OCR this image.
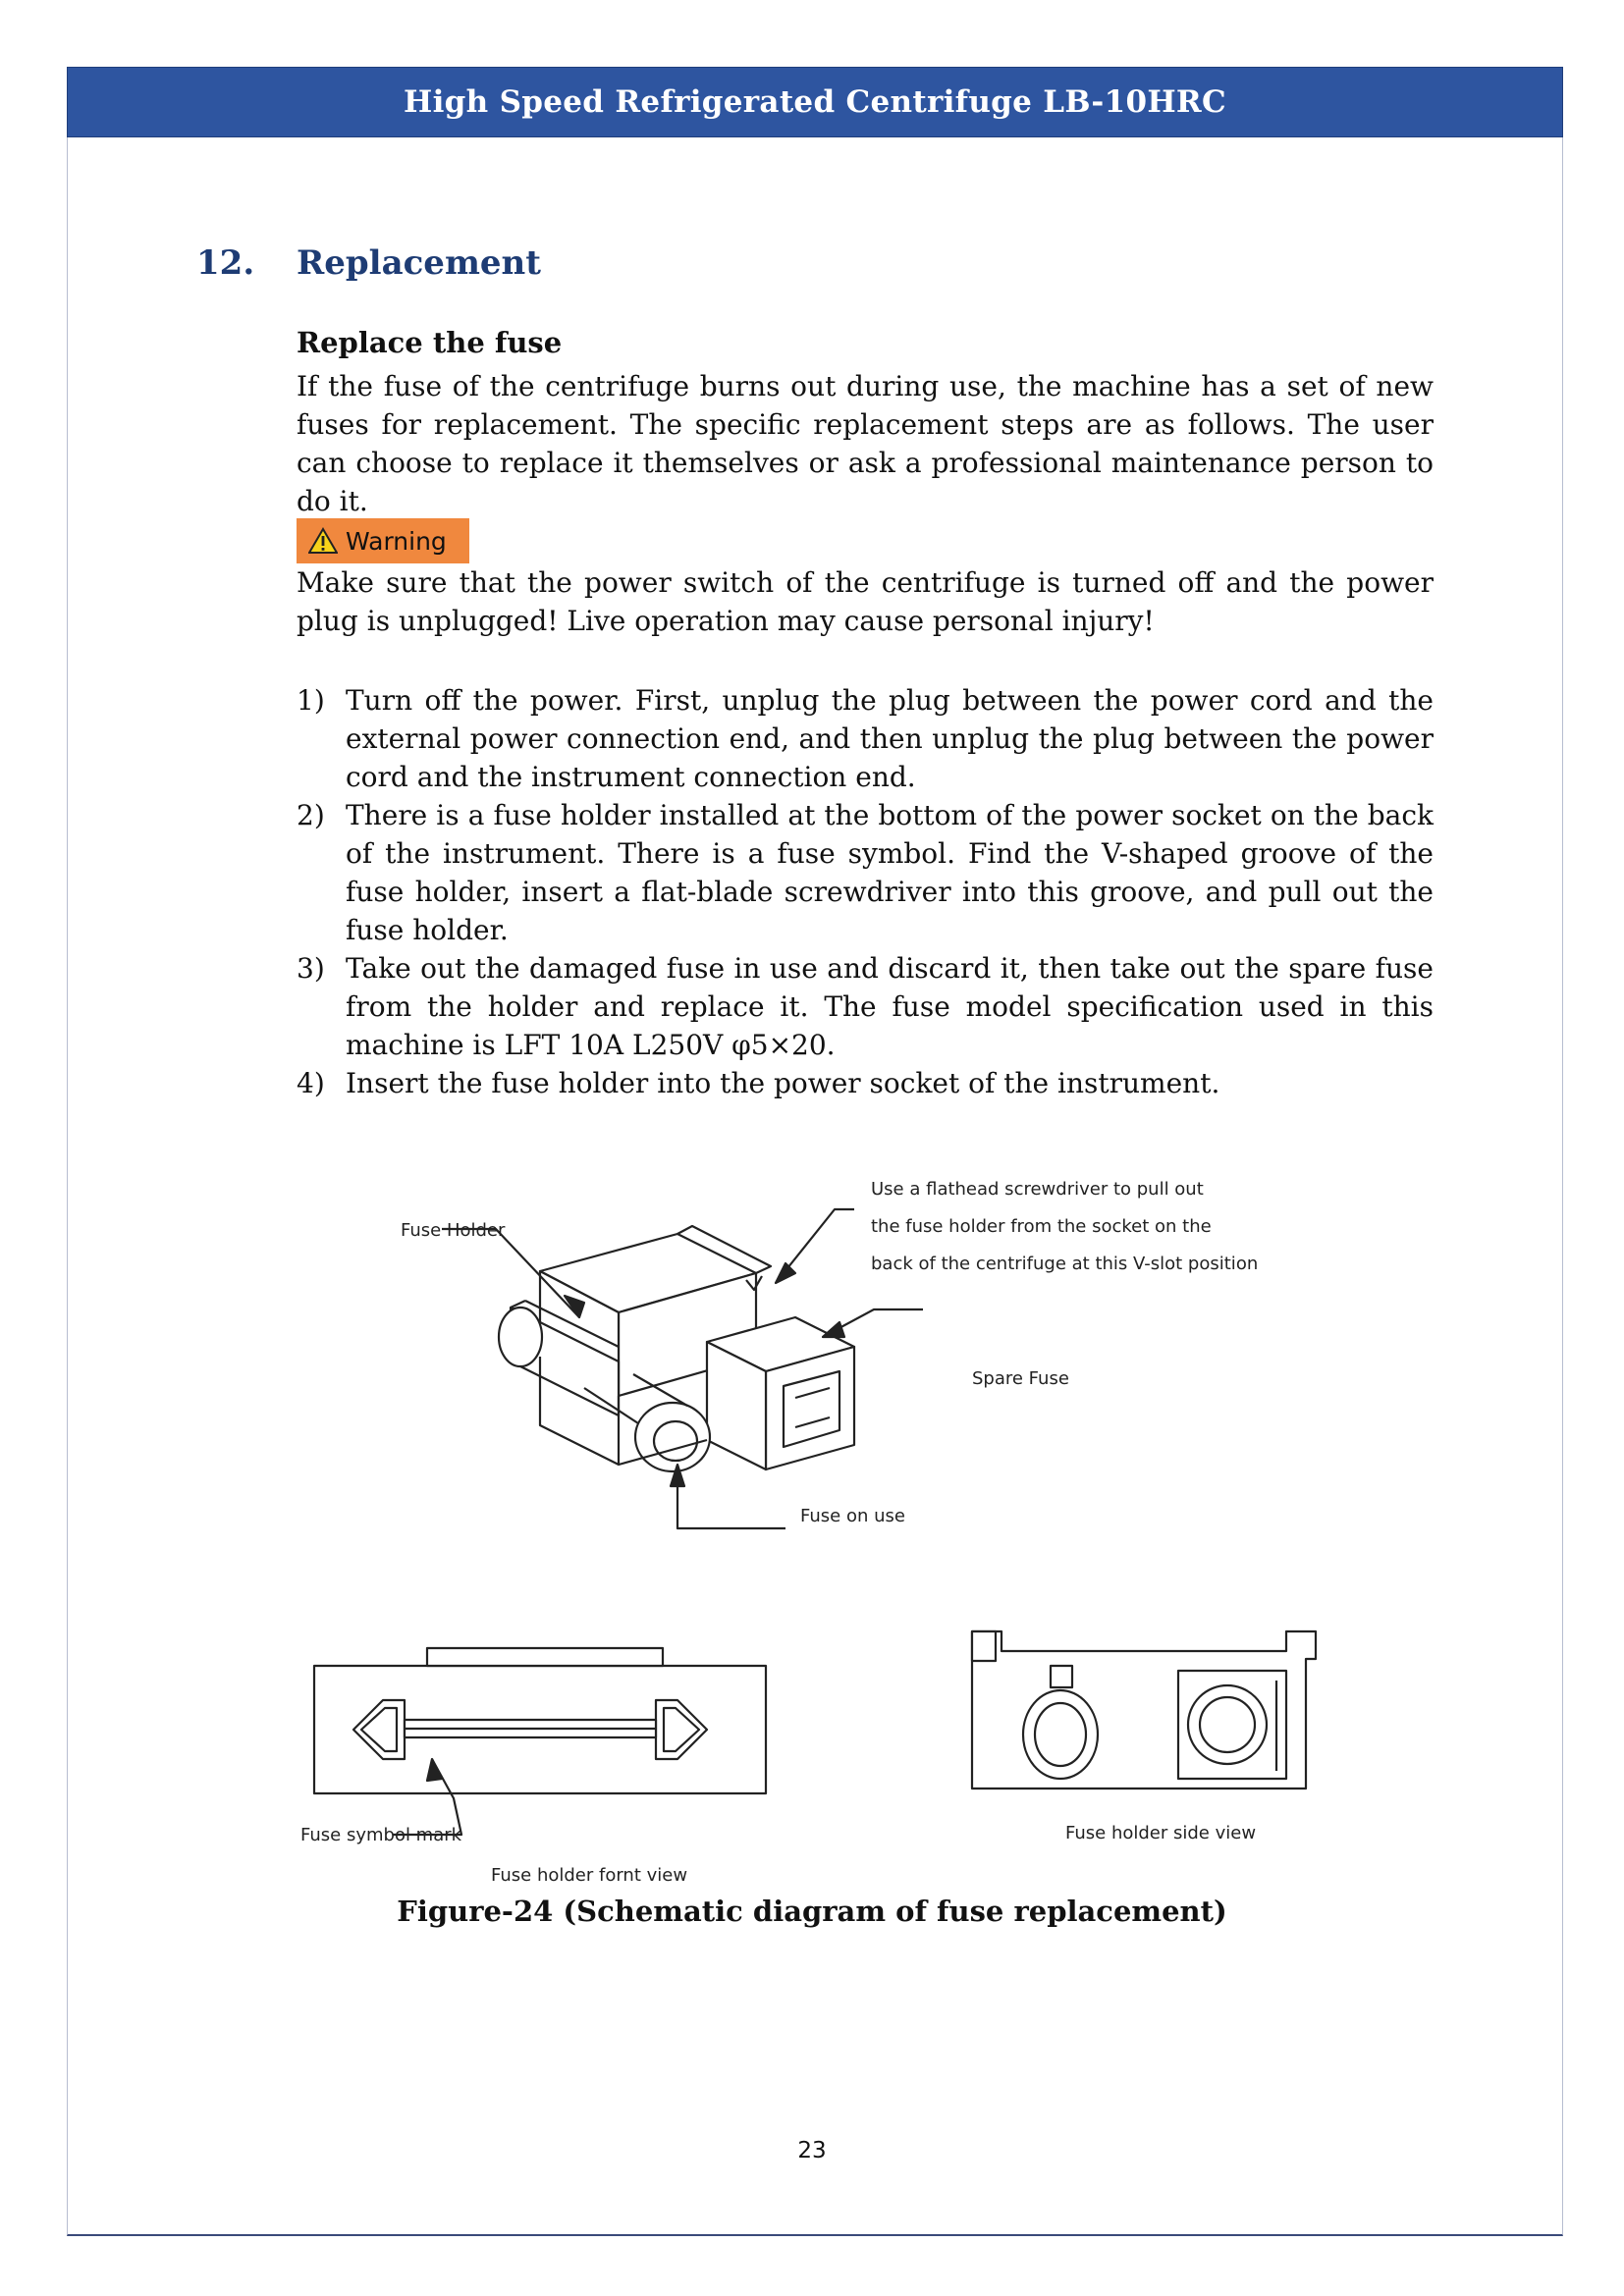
High Speed Refrigerated Centrifuge LB-10HRC
12.	Replacement
Replace the fuse
If the fuse of the centrifuge burns out during use, the machine has a set of new fuses for replacement. The specific replacement steps are as follows. The user can choose to replace it themselves or ask a professional maintenance person to do it.
Warning
Make sure that the power switch of the centrifuge is turned off and the power plug is unplugged! Live operation may cause personal injury!
1) Turn off the power. First, unplug the plug between the power cord and the external power connection end, and then unplug the plug between the power cord and the instrument connection end.
2) There is a fuse holder installed at the bottom of the power socket on the back of the instrument. There is a fuse symbol. Find the V-shaped groove of the fuse holder, insert a flat-blade screwdriver into this groove, and pull out the fuse holder.
3) Take out the damaged fuse in use and discard it, then take out the spare fuse from the holder and replace it. The fuse model specification used in this machine is LFT 10A L250V φ5×20.
4) Insert the fuse holder into the power socket of the instrument.
Fuse Holder
Use a flathead screwdriver to pull out
the fuse holder from the socket on the
back of the centrifuge at this V-slot position
Spare Fuse
Fuse on use
Fuse symbol mark
Fuse holder fornt view
Fuse holder side view
Figure-24 (Schematic diagram of fuse replacement)
23
